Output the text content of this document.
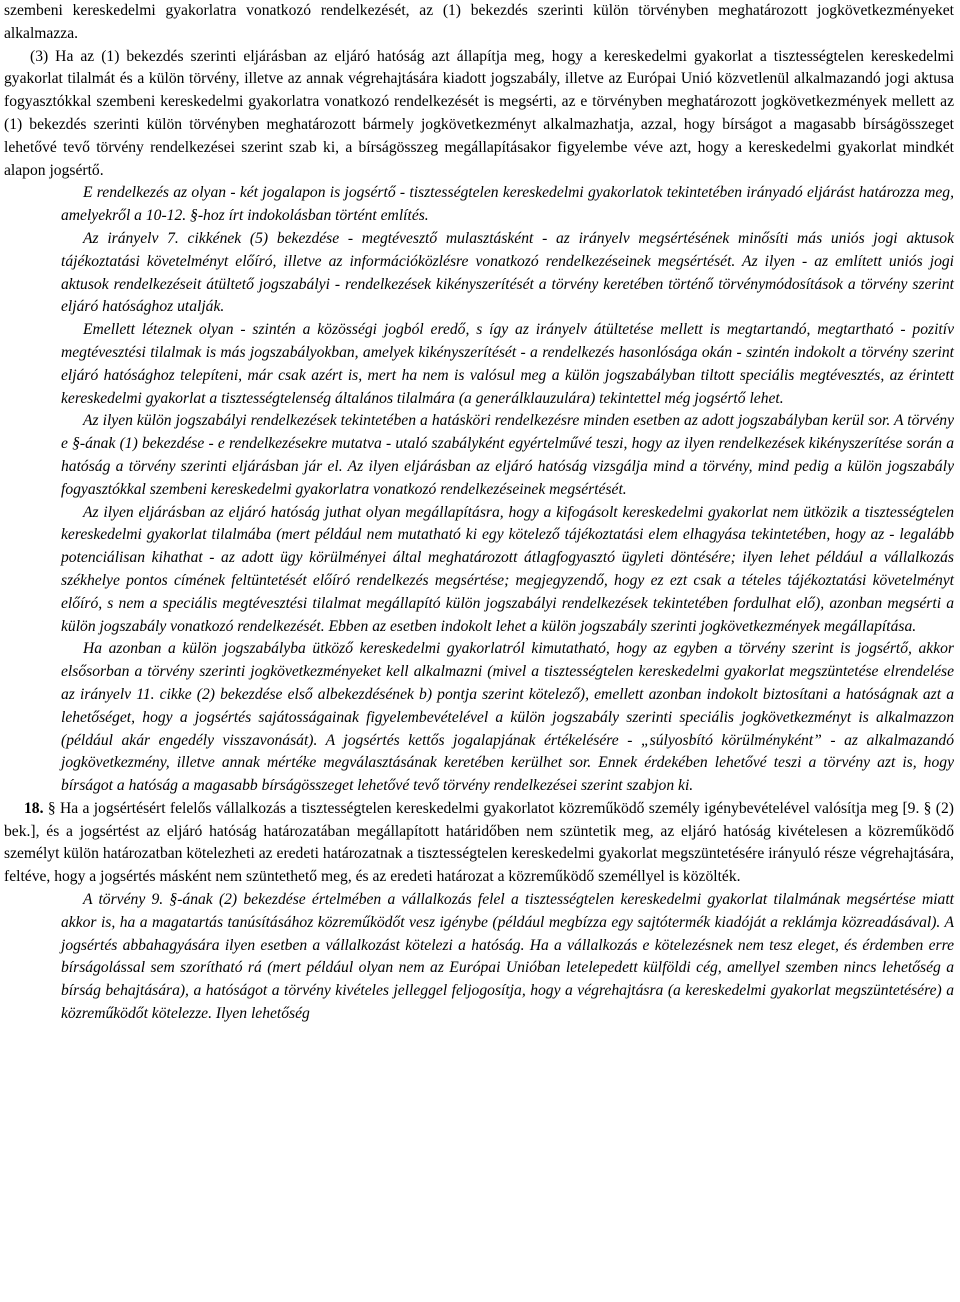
szembeni kereskedelmi gyakorlatra vonatkozó rendelkezését, az (1) bekezdés szerinti külön törvényben meghatározott jogkövetkezményeket alkalmazza.

(3) Ha az (1) bekezdés szerinti eljárásban az eljáró hatóság azt állapítja meg, hogy a kereskedelmi gyakorlat a tisztességtelen kereskedelmi gyakorlat tilalmát és a külön törvény, illetve az annak végrehajtására kiadott jogszabály, illetve az Európai Unió közvetlenül alkalmazandó jogi aktusa fogyasztókkal szembeni kereskedelmi gyakorlatra vonatkozó rendelkezését is megsérti, az e törvényben meghatározott jogkövetkezmények mellett az (1) bekezdés szerinti külön törvényben meghatározott bármely jogkövetkezményt alkalmazhatja, azzal, hogy bírságot a magasabb bírságösszeget lehetővé tevő törvény rendelkezései szerint szab ki, a bírságösszeg megállapításakor figyelembe véve azt, hogy a kereskedelmi gyakorlat mindkét alapon jogsértő.

E rendelkezés az olyan - két jogalapon is jogsértő - tisztességtelen kereskedelmi gyakorlatok tekintetében irányadó eljárást határozza meg, amelyekről a 10-12. §-hoz írt indokolásban történt említés.

Az irányelv 7. cikkének (5) bekezdése - megtévesztő mulasztásként - az irányelv megsértésének minősíti más uniós jogi aktusok tájékoztatási követelményt előíró, illetve az információközlésre vonatkozó rendelkezéseinek megsértését. Az ilyen - az említett uniós jogi aktusok rendelkezéseit átültető jogszabályi - rendelkezések kikényszerítését a törvény keretében történő törvénymódosítások a törvény szerint eljáró hatósághoz utalják.

Emellett léteznek olyan - szintén a közösségi jogból eredő, s így az irányelv átültetése mellett is megtartandó, megtartható - pozitív megtévesztési tilalmak is más jogszabályokban, amelyek kikényszerítését - a rendelkezés hasonlósága okán - szintén indokolt a törvény szerint eljáró hatósághoz telepíteni, már csak azért is, mert ha nem is valósul meg a külön jogszabályban tiltott speciális megtévesztés, az érintett kereskedelmi gyakorlat a tisztességtelenség általános tilalmára (a generálklauzulára) tekintettel még jogsértő lehet.

Az ilyen külön jogszabályi rendelkezések tekintetében a hatásköri rendelkezésre minden esetben az adott jogszabályban kerül sor. A törvény e §-ának (1) bekezdése - e rendelkezésekre mutatva - utaló szabályként egyértelművé teszi, hogy az ilyen rendelkezések kikényszerítése során a hatóság a törvény szerinti eljárásban jár el. Az ilyen eljárásban az eljáró hatóság vizsgálja mind a törvény, mind pedig a külön jogszabály fogyasztókkal szembeni kereskedelmi gyakorlatra vonatkozó rendelkezéseinek megsértését.

Az ilyen eljárásban az eljáró hatóság juthat olyan megállapításra, hogy a kifogásolt kereskedelmi gyakorlat nem ütközik a tisztességtelen kereskedelmi gyakorlat tilalmába (mert például nem mutatható ki egy kötelező tájékoztatási elem elhagyása tekintetében, hogy az - legalább potenciálisan kihathat - az adott ügy körülményei által meghatározott átlagfogyasztó ügyleti döntésére; ilyen lehet például a vállalkozás székhelye pontos címének feltüntetését előíró rendelkezés megsértése; megjegyzendő, hogy ez ezt csak a tételes tájékoztatási követelményt előíró, s nem a speciális megtévesztési tilalmat megállapító külön jogszabályi rendelkezések tekintetében fordulhat elő), azonban megsérti a külön jogszabály vonatkozó rendelkezését. Ebben az esetben indokolt lehet a külön jogszabály szerinti jogkövetkezmények megállapítása.

Ha azonban a külön jogszabályba ütköző kereskedelmi gyakorlatról kimutatható, hogy az egyben a törvény szerint is jogsértő, akkor elsősorban a törvény szerinti jogkövetkezményeket kell alkalmazni (mivel a tisztességtelen kereskedelmi gyakorlat megszüntetése elrendelése az irányelv 11. cikke (2) bekezdése első albekezdésének b) pontja szerint kötelező), emellett azonban indokolt biztosítani a hatóságnak azt a lehetőséget, hogy a jogsértés sajátosságainak figyelembevételével a külön jogszabály szerinti speciális jogkövetkezményt is alkalmazzon (például akár engedély visszavonását). A jogsértés kettős jogalapjának értékelésére - „súlyosbító körülményként” - az alkalmazandó jogkövetkezmény, illetve annak mértéke megválasztásának keretében kerülhet sor. Ennek érdekében lehetővé teszi a törvény azt is, hogy bírságot a hatóság a magasabb bírságösszeget lehetővé tevő törvény rendelkezései szerint szabjon ki.

18. § Ha a jogsértésért felelős vállalkozás a tisztességtelen kereskedelmi gyakorlatot közreműködő személy igénybevételével valósítja meg [9. § (2) bek.], és a jogsértést az eljáró hatóság határozatában megállapított határidőben nem szüntetik meg, az eljáró hatóság kivételesen a közreműködő személyt külön határozatban kötelezheti az eredeti határozatnak a tisztességtelen kereskedelmi gyakorlat megszüntetésére irányuló része végrehajtására, feltéve, hogy a jogsértés másként nem szüntethető meg, és az eredeti határozat a közreműködő személlyel is közölték.

A törvény 9. §-ának (2) bekezdése értelmében a vállalkozás felel a tisztességtelen kereskedelmi gyakorlat tilalmának megsértése miatt akkor is, ha a magatartás tanúsításához közreműködőt vesz igénybe (például megbízza egy sajtótermék kiadóját a reklámja közreadásával). A jogsértés abbahagyására ilyen esetben a vállalkozást kötelezi a hatóság. Ha a vállalkozás e kötelezésnek nem tesz eleget, és érdemben erre bírságolással sem szorítható rá (mert például olyan nem az Európai Unióban letelepedett külföldi cég, amellyel szemben nincs lehetőség a bírság behajtására), a hatóságot a törvény kivételes jelleggel feljogosítja, hogy a végrehajtásra (a kereskedelmi gyakorlat megszüntetésére) a közreműködőt kötelezze. Ilyen lehetőség
